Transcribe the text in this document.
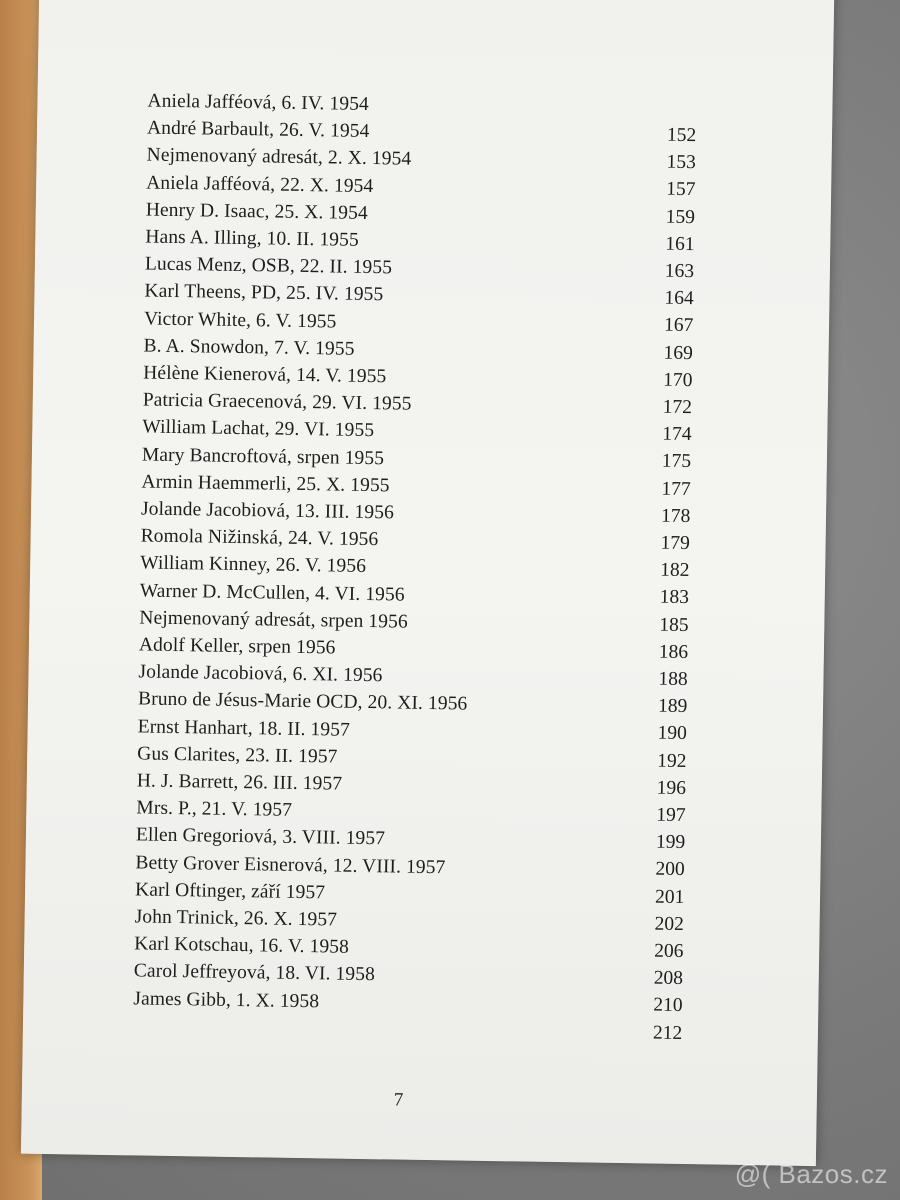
Aniela Jafféová, 6. IV. 1954
152
André Barbault, 26. V. 1954
153
Nejmenovaný adresát, 2. X. 1954
157
Aniela Jafféová, 22. X. 1954
159
Henry D. Isaac, 25. X. 1954
161
Hans A. Illing, 10. II. 1955
163
Lucas Menz, OSB, 22. II. 1955
164
Karl Theens, PD, 25. IV. 1955
167
Victor White, 6. V. 1955
169
B. A. Snowdon, 7. V. 1955
170
Hélène Kienerová, 14. V. 1955
172
Patricia Graecenová, 29. VI. 1955
174
William Lachat, 29. VI. 1955
175
Mary Bancroftová, srpen 1955
177
Armin Haemmerli, 25. X. 1955
178
Jolande Jacobiová, 13. III. 1956
179
Romola Nižinská, 24. V. 1956
182
William Kinney, 26. V. 1956
183
Warner D. McCullen, 4. VI. 1956
185
Nejmenovaný adresát, srpen 1956
186
Adolf Keller, srpen 1956
188
Jolande Jacobiová, 6. XI. 1956
189
Bruno de Jésus-Marie OCD, 20. XI. 1956
190
Ernst Hanhart, 18. II. 1957
192
Gus Clarites, 23. II. 1957
196
H. J. Barrett, 26. III. 1957
197
Mrs. P., 21. V. 1957
199
Ellen Gregoriová, 3. VIII. 1957
200
Betty Grover Eisnerová, 12. VIII. 1957
201
Karl Oftinger, září 1957
202
John Trinick, 26. X. 1957
206
Karl Kotschau, 16. V. 1958
208
Carol Jeffreyová, 18. VI. 1958
210
James Gibb, 1. X. 1958
212
7
@( Bazos.cz
